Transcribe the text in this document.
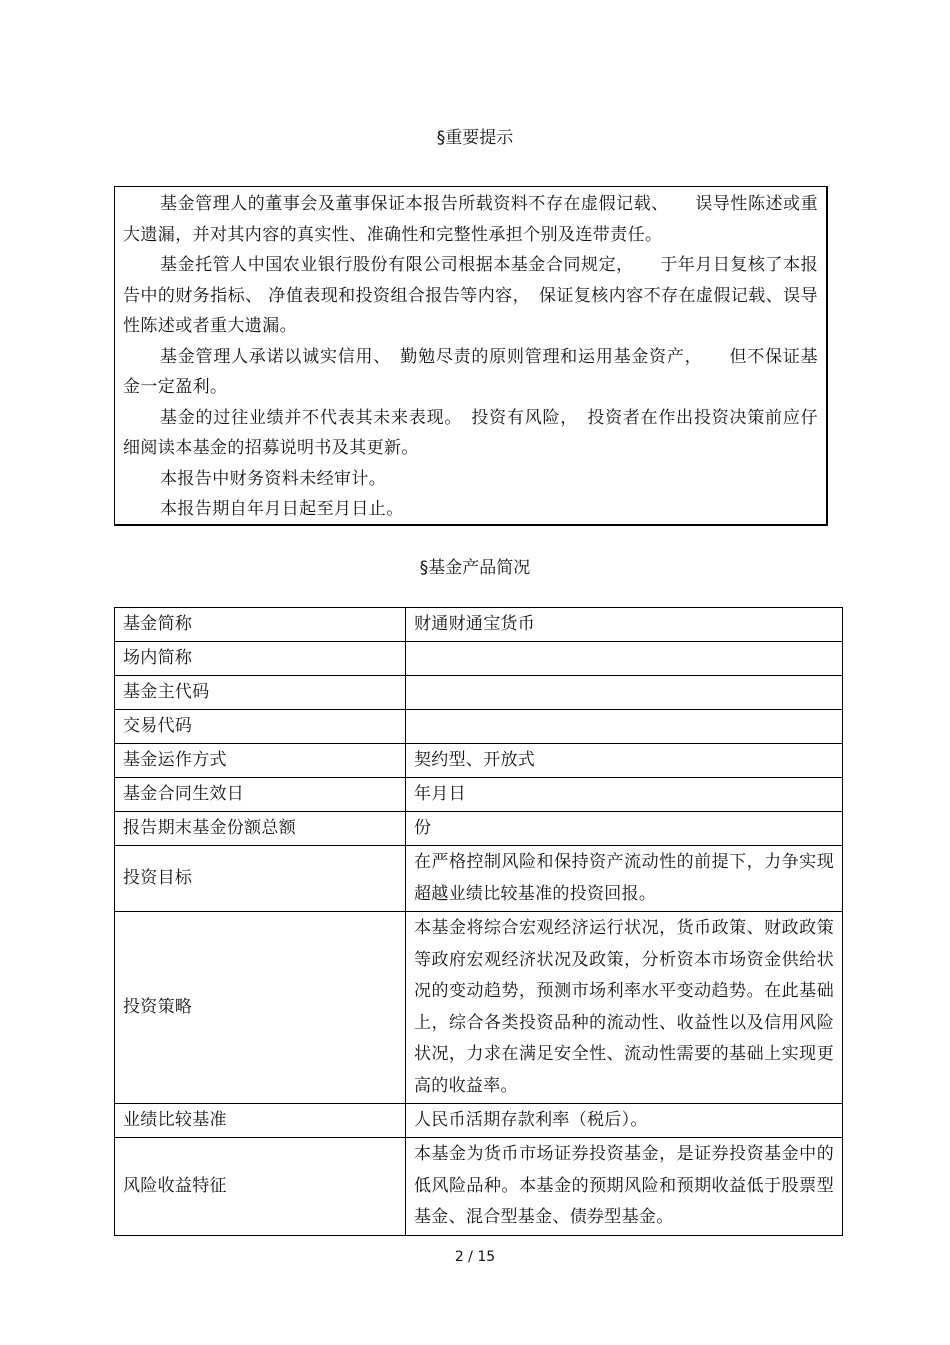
§重要提示

基金管理人的董事会及董事保证本报告所载资料不存在虚假记载、　　误导性陈述或重大遗漏，并对其内容的真实性、准确性和完整性承担个别及连带责任。

基金托管人中国农业银行股份有限公司根据本基金合同规定，　　于年月日复核了本报告中的财务指标、 净值表现和投资组合报告等内容，　保证复核内容不存在虚假记载、误导性陈述或者重大遗漏。

基金管理人承诺以诚实信用、　勤勉尽责的原则管理和运用基金资产，　　但不保证基金一定盈利。

基金的过往业绩并不代表其未来表现。　投资有风险，　投资者在作出投资决策前应仔细阅读本基金的招募说明书及其更新。

本报告中财务资料未经审计。

本报告期自年月日起至月日止。

§基金产品简况
基金简称	财通财通宝货币
场内简称	
基金主代码	
交易代码	
基金运作方式	契约型、开放式
基金合同生效日	年月日
报告期末基金份额总额	份
投资目标	在严格控制风险和保持资产流动性的前提下，力争实现超越业绩比较基准的投资回报。
投资策略	本基金将综合宏观经济运行状况，货币政策、财政政策等政府宏观经济状况及政策，分析资本市场资金供给状况的变动趋势，预测市场利率水平变动趋势。在此基础上，综合各类投资品种的流动性、收益性以及信用风险状况，力求在满足安全性、流动性需要的基础上实现更高的收益率。
业绩比较基准	人民币活期存款利率（税后）。
风险收益特征	本基金为货币市场证券投资基金，是证券投资基金中的低风险品种。本基金的预期风险和预期收益低于股票型基金、混合型基金、债券型基金。
2 / 15
